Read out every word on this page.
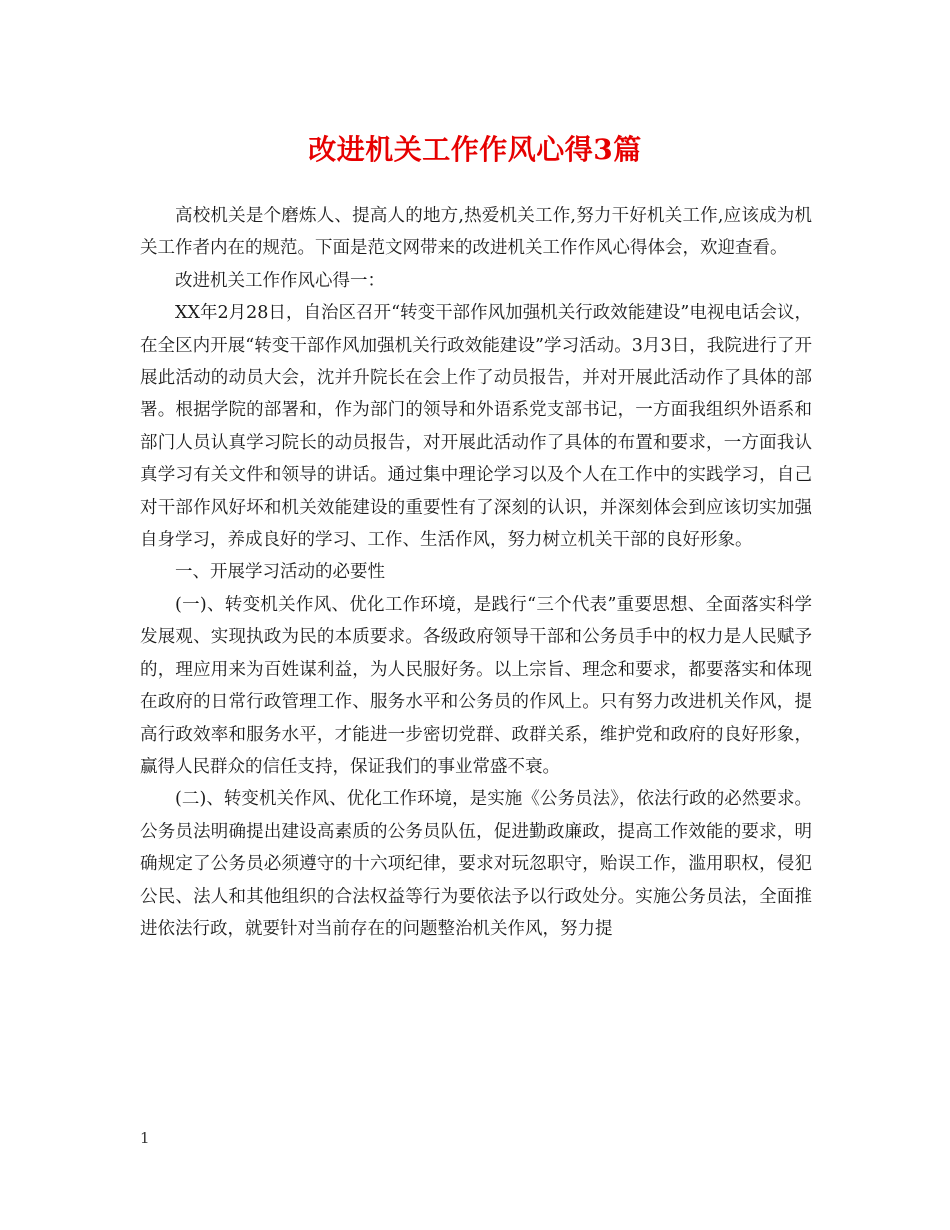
改进机关工作作风心得3篇

高校机关是个磨炼人、提高人的地方,热爱机关工作,努力干好机关工作,应该成为机关工作者内在的规范。下面是范文网带来的改进机关工作作风心得体会，欢迎查看。

改进机关工作作风心得一：

XX年2月28日，自治区召开“转变干部作风加强机关行政效能建设”电视电话会议，在全区内开展“转变干部作风加强机关行政效能建设”学习活动。3月3日，我院进行了开展此活动的动员大会，沈并升院长在会上作了动员报告，并对开展此活动作了具体的部署。根据学院的部署和，作为部门的领导和外语系党支部书记，一方面我组织外语系和部门人员认真学习院长的动员报告，对开展此活动作了具体的布置和要求，一方面我认真学习有关文件和领导的讲话。通过集中理论学习以及个人在工作中的实践学习，自己对干部作风好坏和机关效能建设的重要性有了深刻的认识，并深刻体会到应该切实加强自身学习，养成良好的学习、工作、生活作风，努力树立机关干部的良好形象。

一、开展学习活动的必要性

(一)、转变机关作风、优化工作环境，是践行“三个代表”重要思想、全面落实科学发展观、实现执政为民的本质要求。各级政府领导干部和公务员手中的权力是人民赋予的，理应用来为百姓谋利益，为人民服好务。以上宗旨、理念和要求，都要落实和体现在政府的日常行政管理工作、服务水平和公务员的作风上。只有努力改进机关作风，提高行政效率和服务水平，才能进一步密切党群、政群关系，维护党和政府的良好形象，赢得人民群众的信任支持，保证我们的事业常盛不衰。

(二)、转变机关作风、优化工作环境，是实施《公务员法》，依法行政的必然要求。公务员法明确提出建设高素质的公务员队伍，促进勤政廉政，提高工作效能的要求，明确规定了公务员必须遵守的十六项纪律，要求对玩忽职守，贻误工作，滥用职权，侵犯公民、法人和其他组织的合法权益等行为要依法予以行政处分。实施公务员法，全面推进依法行政，就要针对当前存在的问题整治机关作风，努力提

1
